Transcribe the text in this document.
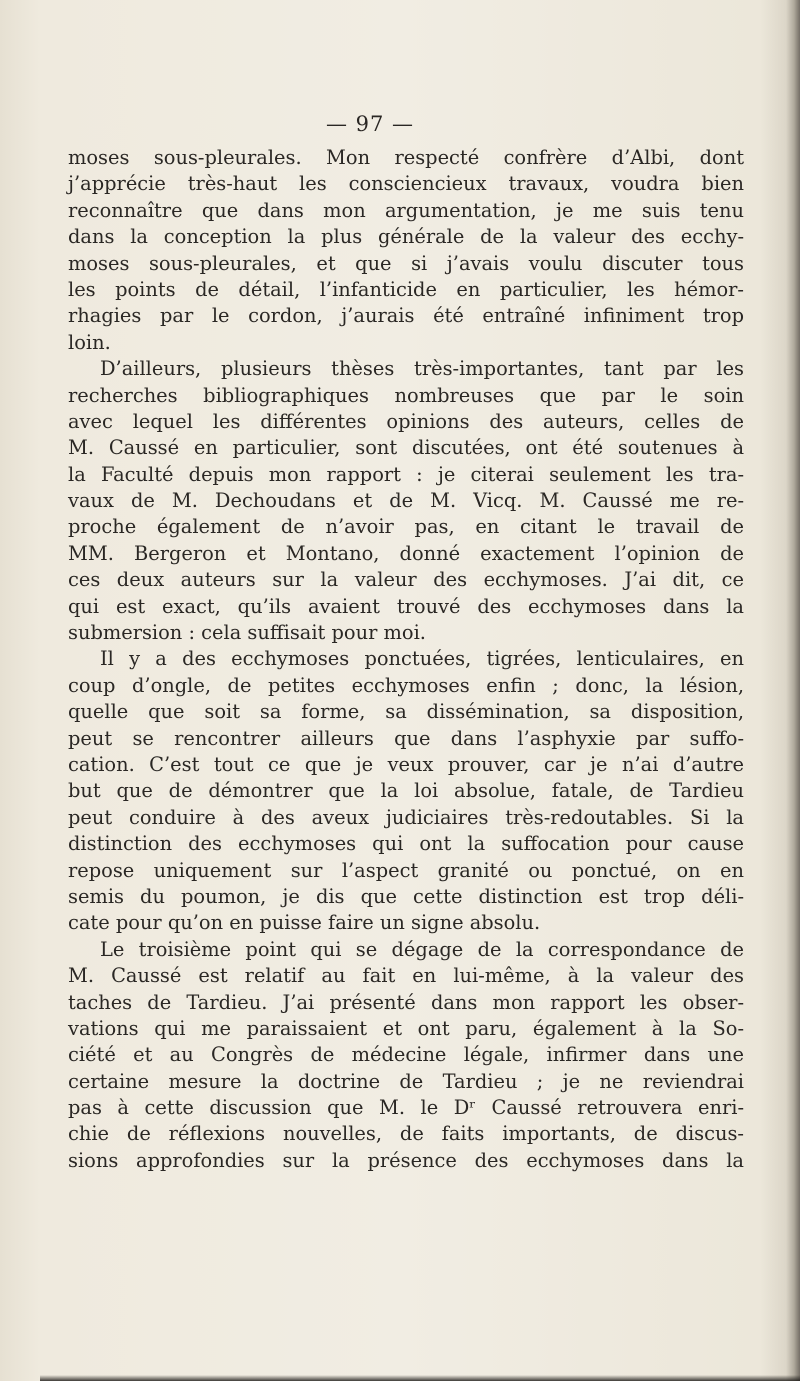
— 97 —
moses sous-pleurales. Mon respecté confrère d’Albi, dont
j’apprécie très-haut les consciencieux travaux, voudra bien
reconnaître que dans mon argumentation, je me suis tenu
dans la conception la plus générale de la valeur des ecchy-
moses sous-pleurales, et que si j’avais voulu discuter tous
les points de détail, l’infanticide en particulier, les hémor-
rhagies par le cordon, j’aurais été entraîné infiniment trop
loin.
D’ailleurs, plusieurs thèses très-importantes, tant par les
recherches bibliographiques nombreuses que par le soin
avec lequel les différentes opinions des auteurs, celles de
M. Caussé en particulier, sont discutées, ont été soutenues à
la Faculté depuis mon rapport : je citerai seulement les tra-
vaux de M. Dechoudans et de M. Vicq. M. Caussé me re-
proche également de n’avoir pas, en citant le travail de
MM. Bergeron et Montano, donné exactement l’opinion de
ces deux auteurs sur la valeur des ecchymoses. J’ai dit, ce
qui est exact, qu’ils avaient trouvé des ecchymoses dans la
submersion : cela suffisait pour moi.
Il y a des ecchymoses ponctuées, tigrées, lenticulaires, en
coup d’ongle, de petites ecchymoses enfin ; donc, la lésion,
quelle que soit sa forme, sa dissémination, sa disposition,
peut se rencontrer ailleurs que dans l’asphyxie par suffo-
cation. C’est tout ce que je veux prouver, car je n’ai d’autre
but que de démontrer que la loi absolue, fatale, de Tardieu
peut conduire à des aveux judiciaires très-redoutables. Si la
distinction des ecchymoses qui ont la suffocation pour cause
repose uniquement sur l’aspect granité ou ponctué, on en
semis du poumon, je dis que cette distinction est trop déli-
cate pour qu’on en puisse faire un signe absolu.
Le troisième point qui se dégage de la correspondance de
M. Caussé est relatif au fait en lui-même, à la valeur des
taches de Tardieu. J’ai présenté dans mon rapport les obser-
vations qui me paraissaient et ont paru, également à la So-
ciété et au Congrès de médecine légale, infirmer dans une
certaine mesure la doctrine de Tardieu ; je ne reviendrai
pas à cette discussion que M. le Dʳ Caussé retrouvera enri-
chie de réflexions nouvelles, de faits importants, de discus-
sions approfondies sur la présence des ecchymoses dans la
